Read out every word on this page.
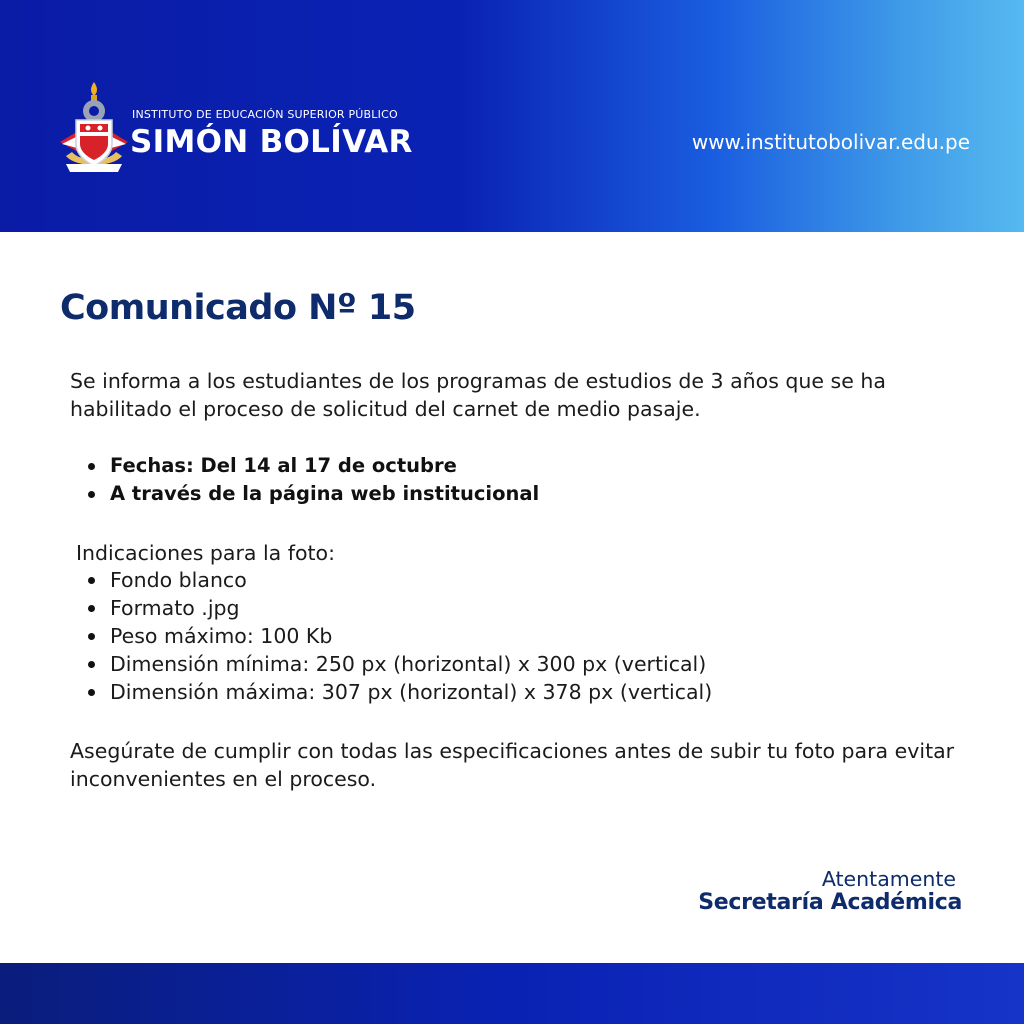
INSTITUTO DE EDUCACIÓN SUPERIOR PÚBLICO
SIMÓN BOLÍVAR	www.institutobolivar.edu.pe
Comunicado Nº 15

Se informa a los estudiantes de los programas de estudios de 3 años que se ha habilitado el proceso de solicitud del carnet de medio pasaje.

Fechas: Del 14 al 17 de octubre
A través de la página web institucional

Indicaciones para la foto:

Fondo blanco
Formato .jpg
Peso máximo: 100 Kb
Dimensión mínima: 250 px (horizontal) x 300 px (vertical)
Dimensión máxima: 307 px (horizontal) x 378 px (vertical)

Asegúrate de cumplir con todas las especificaciones antes de subir tu foto para evitar inconvenientes en el proceso.

Atentamente
Secretaría Académica
